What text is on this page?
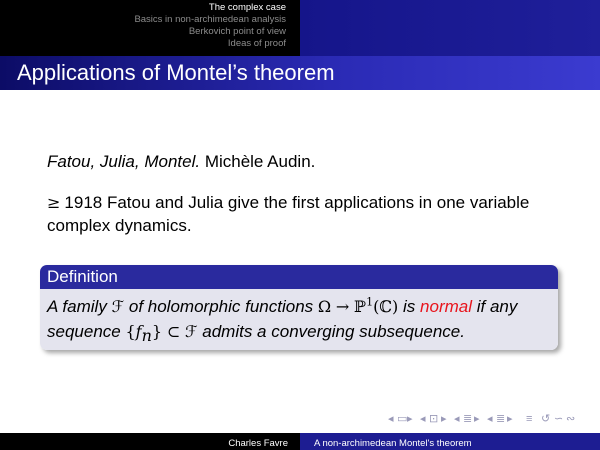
The complex case
Basics in non-archimedean analysis
Berkovich point of view
Ideas of proof
Applications of Montel’s theorem
Fatou, Julia, Montel. Michèle Audin.
≥ 1918 Fatou and Julia give the first applications in one variable complex dynamics.
Definition
A family ℱ of holomorphic functions Ω → ℙ$^1$(ℂ) is normal if any
sequence $\{f_n\}$ ⊂ ℱ admits a converging subsequence.
◂ ▭ ▸ ◂ ⊡ ▸ ◂ ≣ ▸ ◂ ≣ ▸ ≡ ↺ ∽ ∾
Charles Favre	A non-archimedean Montel's theorem
